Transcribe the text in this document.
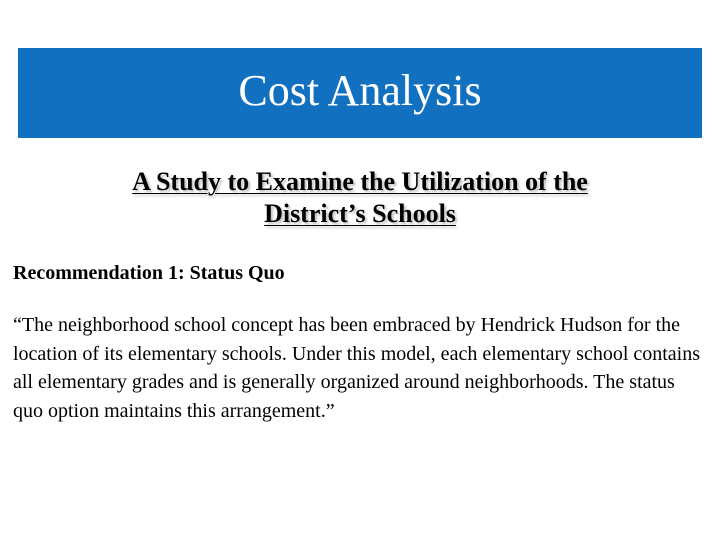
Cost Analysis
A Study to Examine the Utilization of the
District’s Schools
Recommendation 1: Status Quo
“The neighborhood school concept has been embraced by Hendrick Hudson for the location of its elementary schools. Under this model, each elementary school contains all elementary grades and is generally organized around neighborhoods. The status quo option maintains this arrangement.”
